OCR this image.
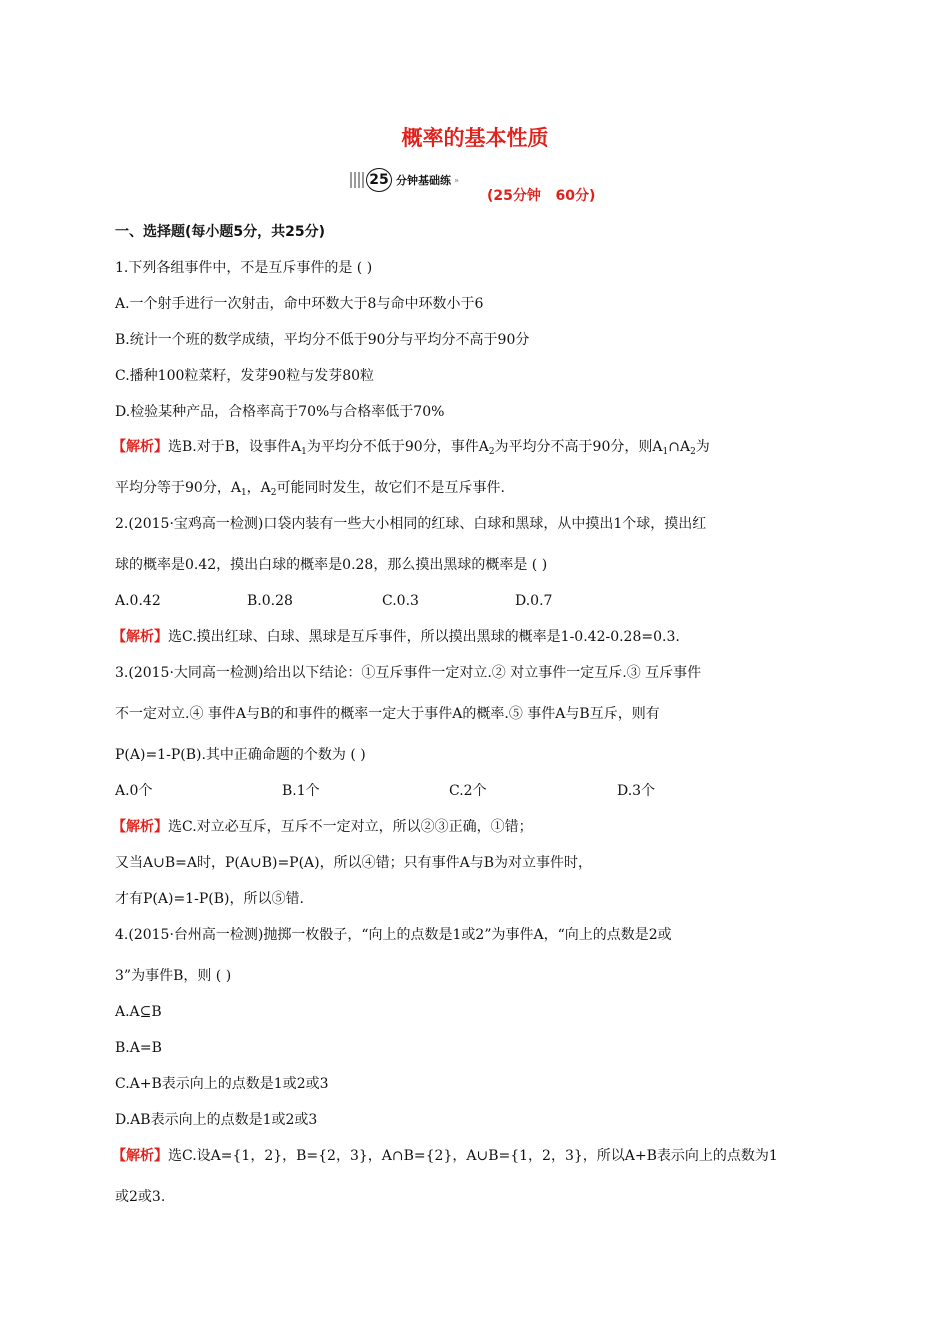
概率的基本性质
25 分钟基础练 »
(25分钟   60分)
一、选择题(每小题5分，共25分)
1.下列各组事件中，不是互斥事件的是 ( )
A.一个射手进行一次射击，命中环数大于8与命中环数小于6
B.统计一个班的数学成绩，平均分不低于90分与平均分不高于90分
C.播种100粒菜籽，发芽90粒与发芽80粒
D.检验某种产品，合格率高于70%与合格率低于70%
【解析】选B.对于B，设事件$A_1$为平均分不低于90分，事件$A_2$为平均分不高于90分，则$A_1\cap A_2$为
平均分等于90分，$A_1$，$A_2$可能同时发生，故它们不是互斥事件.
2.(2015·宝鸡高一检测)口袋内装有一些大小相同的红球、白球和黑球，从中摸出1个球，摸出红
球的概率是0.42，摸出白球的概率是0.28，那么摸出黑球的概率是 ( )
A.0.42	B.0.28	C.0.3	D.0.7
【解析】选C.摸出红球、白球、黑球是互斥事件，所以摸出黑球的概率是1-0.42-0.28=0.3.
3.(2015·大同高一检测)给出以下结论：①互斥事件一定对立.② 对立事件一定互斥.③ 互斥事件
不一定对立.④ 事件A与B的和事件的概率一定大于事件A的概率.⑤ 事件A与B互斥，则有
P(A)=1-P(B).其中正确命题的个数为 ( )
A.0个	B.1个	C.2个	D.3个
【解析】选C.对立必互斥，互斥不一定对立，所以②③正确，①错；
又当A∪B=A时，P(A∪B)=P(A)，所以④错；只有事件A与B为对立事件时，
才有P(A)=1-P(B)，所以⑤错.
4.(2015·台州高一检测)抛掷一枚骰子，“向上的点数是1或2”为事件A，“向上的点数是2或
3”为事件B，则 ( )
A.A⊆B
B.A=B
C.A+B表示向上的点数是1或2或3
D.AB表示向上的点数是1或2或3
【解析】选C.设A={1，2}，B={2，3}，A∩B={2}，A∪B={1，2，3}，所以A+B表示向上的点数为1
或2或3.
